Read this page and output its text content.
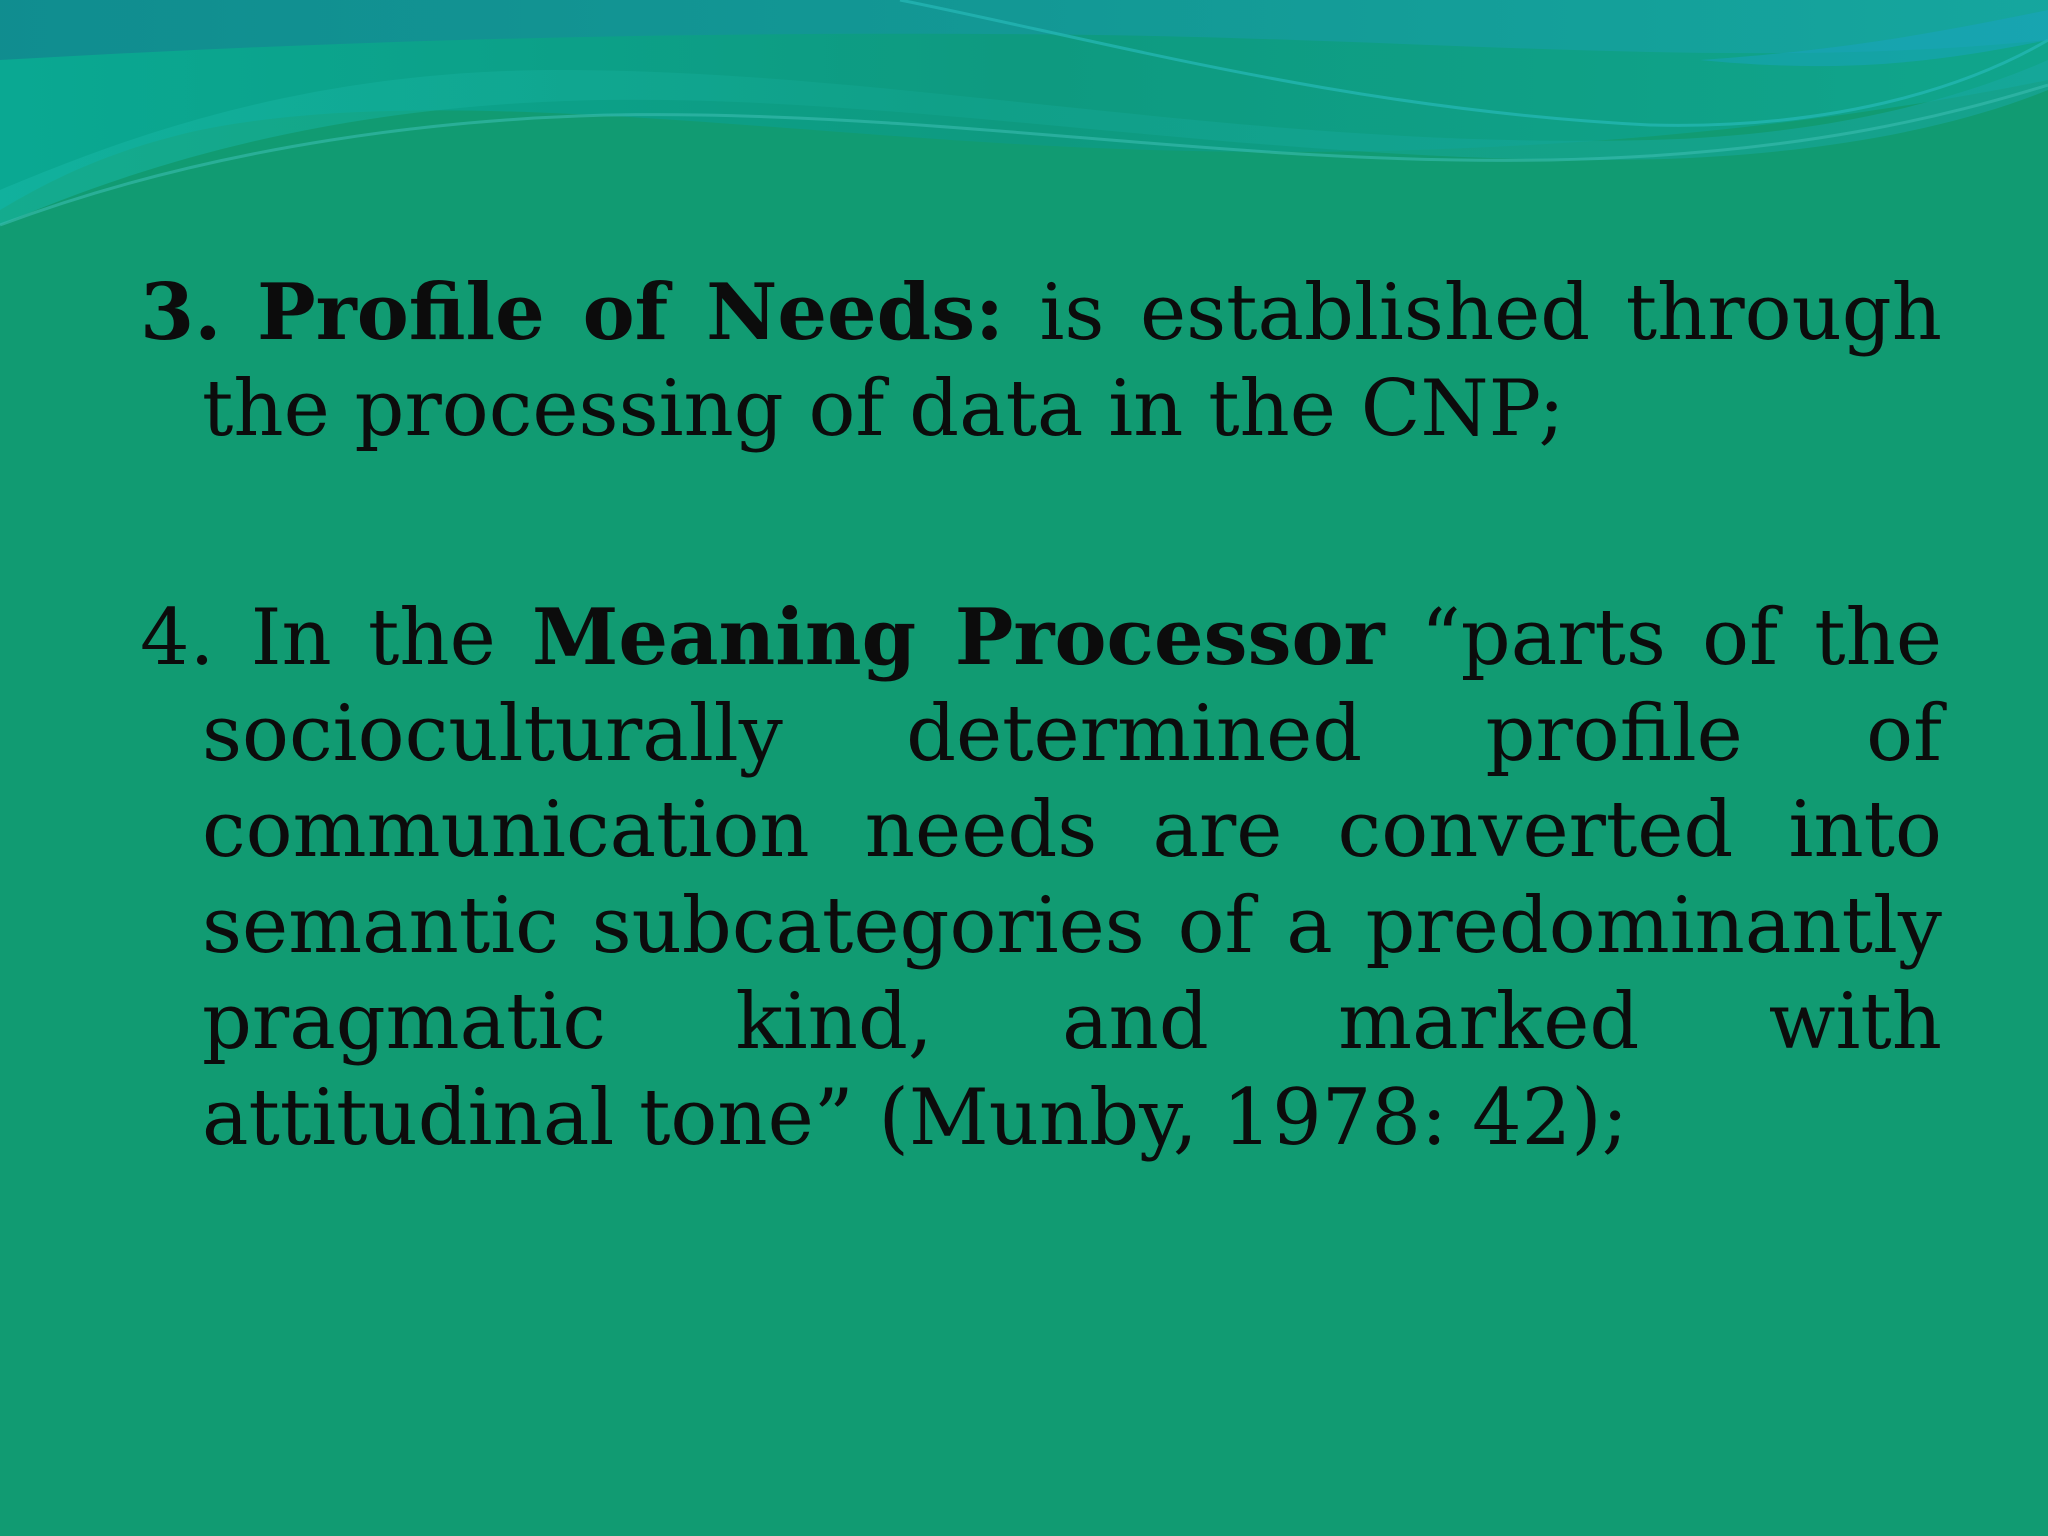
3. Profile of Needs: is established through the processing of data in the CNP;
4. In the Meaning Processor “parts of the socioculturally determined profile of communication needs are converted into semantic subcategories of a predominantly pragmatic kind, and marked with attitudinal tone” (Munby, 1978: 42);
